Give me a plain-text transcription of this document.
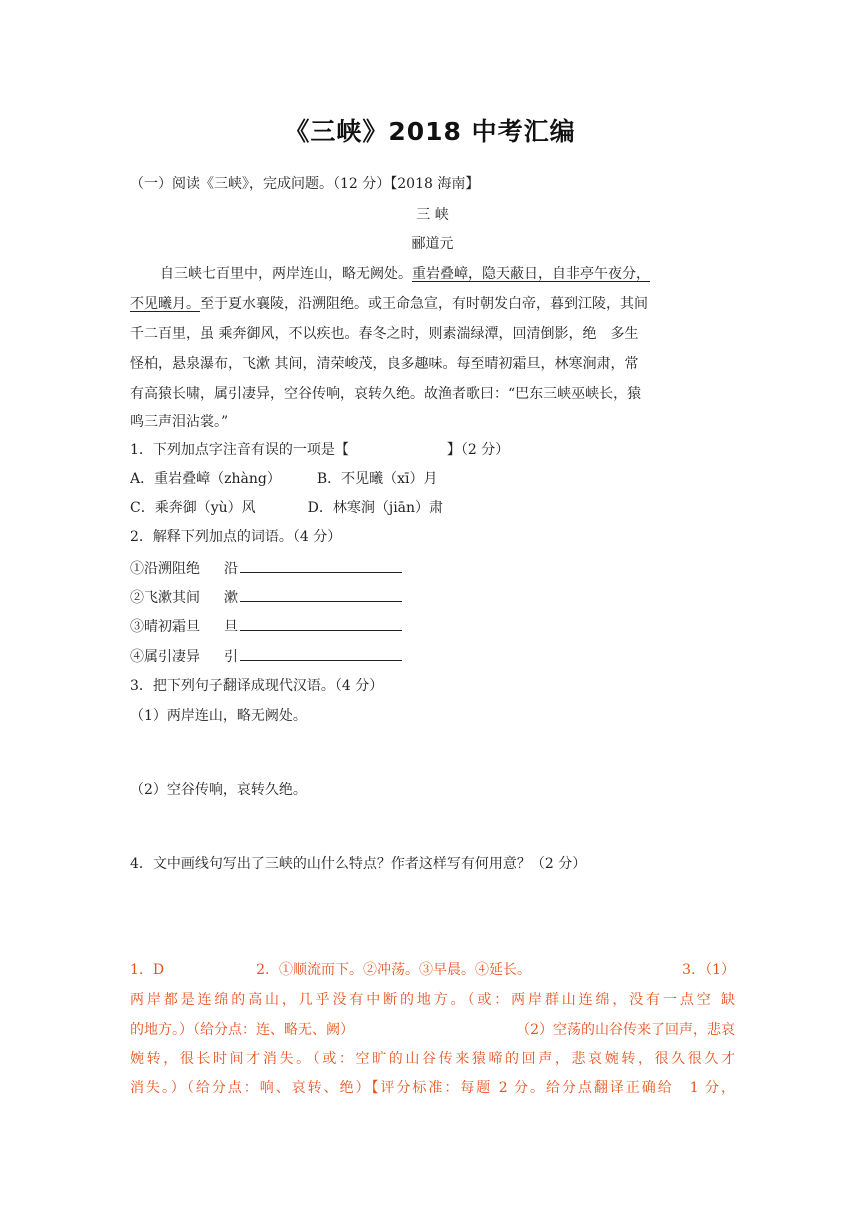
《三峡》2018 中考汇编
（一）阅读《三峡》，完成问题。（12 分）【2018 海南】
三 峡
郦道元
自三峡七百里中，两岸连山，略无阙处。重岩叠嶂，隐天蔽日，自非亭午夜分，
不见曦月。至于夏水襄陵，沿溯阻绝。或王命急宣，有时朝发白帝，暮到江陵，其间
千二百里，虽 乘奔御风，不以疾也。春冬之时，则素湍绿潭，回清倒影，绝　多生
怪柏，悬泉瀑布，飞漱 其间，清荣峻茂，良多趣味。每至晴初霜旦，林寒涧肃，常
有高猿长啸，属引凄异，空谷传响，哀转久绝。故渔者歌曰：“巴东三峡巫峡长，猿
鸣三声泪沾裳。”
1．下列加点字注音有误的一项是【　　　　　　　】（2 分）
A．重岩叠嶂（zhàng）	B．不见曦（xī）月
C．乘奔御（yù）风	D．林寒涧（jiān）肃
2．解释下列加点的词语。（4 分）
①沿溯阻绝 沿
②飞漱其间 漱
③晴初霜旦 旦
④属引凄异 引
3．把下列句子翻译成现代汉语。（4 分）
（1）两岸连山，略无阙处。
（2）空谷传响，哀转久绝。
4．文中画线句写出了三峡的山什么特点？作者这样写有何用意？（2 分）
1．D	2．①顺流而下。②冲荡。③早晨。④延长。	3．（1）
两岸都是连绵的高山，几乎没有中断的地方。（或：两岸群山连绵，没有一点空 缺
的地方。）（给分点：连、略无、阙）	（2）空荡的山谷传来了回声，悲哀
婉转，很长时间才消失。（或：空旷的山谷传来猿啼的回声，悲哀婉转，很久很久才
消失。）（给分点：响、哀转、绝）【评分标准：每题 2 分。给分点翻译正确给　1 分，
